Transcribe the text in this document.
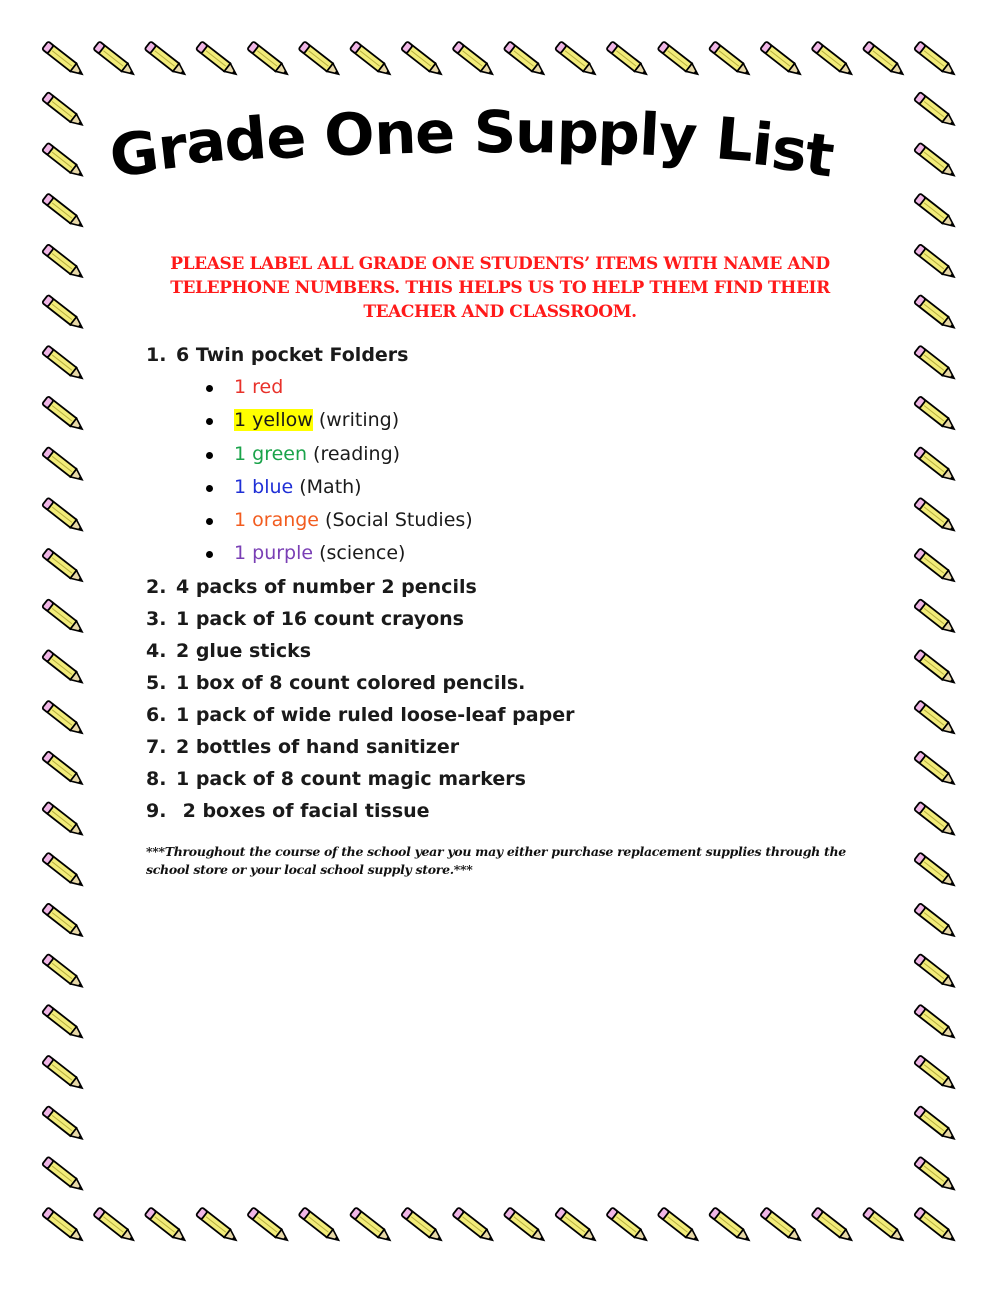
Grade One Supply List
PLEASE LABEL ALL GRADE ONE STUDENTS’ ITEMS WITH NAME AND TELEPHONE NUMBERS. THIS HELPS US TO HELP THEM FIND THEIR TEACHER AND CLASSROOM.
1. 6 Twin pocket Folders
1 red
1 yellow (writing)
1 green (reading)
1 blue (Math)
1 orange (Social Studies)
1 purple (science)
2. 4 packs of number 2 pencils
3. 1 pack of 16 count crayons
4. 2 glue sticks
5. 1 box of 8 count colored pencils.
6. 1 pack of wide ruled loose-leaf paper
7. 2 bottles of hand sanitizer
8. 1 pack of 8 count magic markers
9. 2 boxes of facial tissue
***Throughout the course of the school year you may either purchase replacement supplies through the school store or your local school supply store.***
